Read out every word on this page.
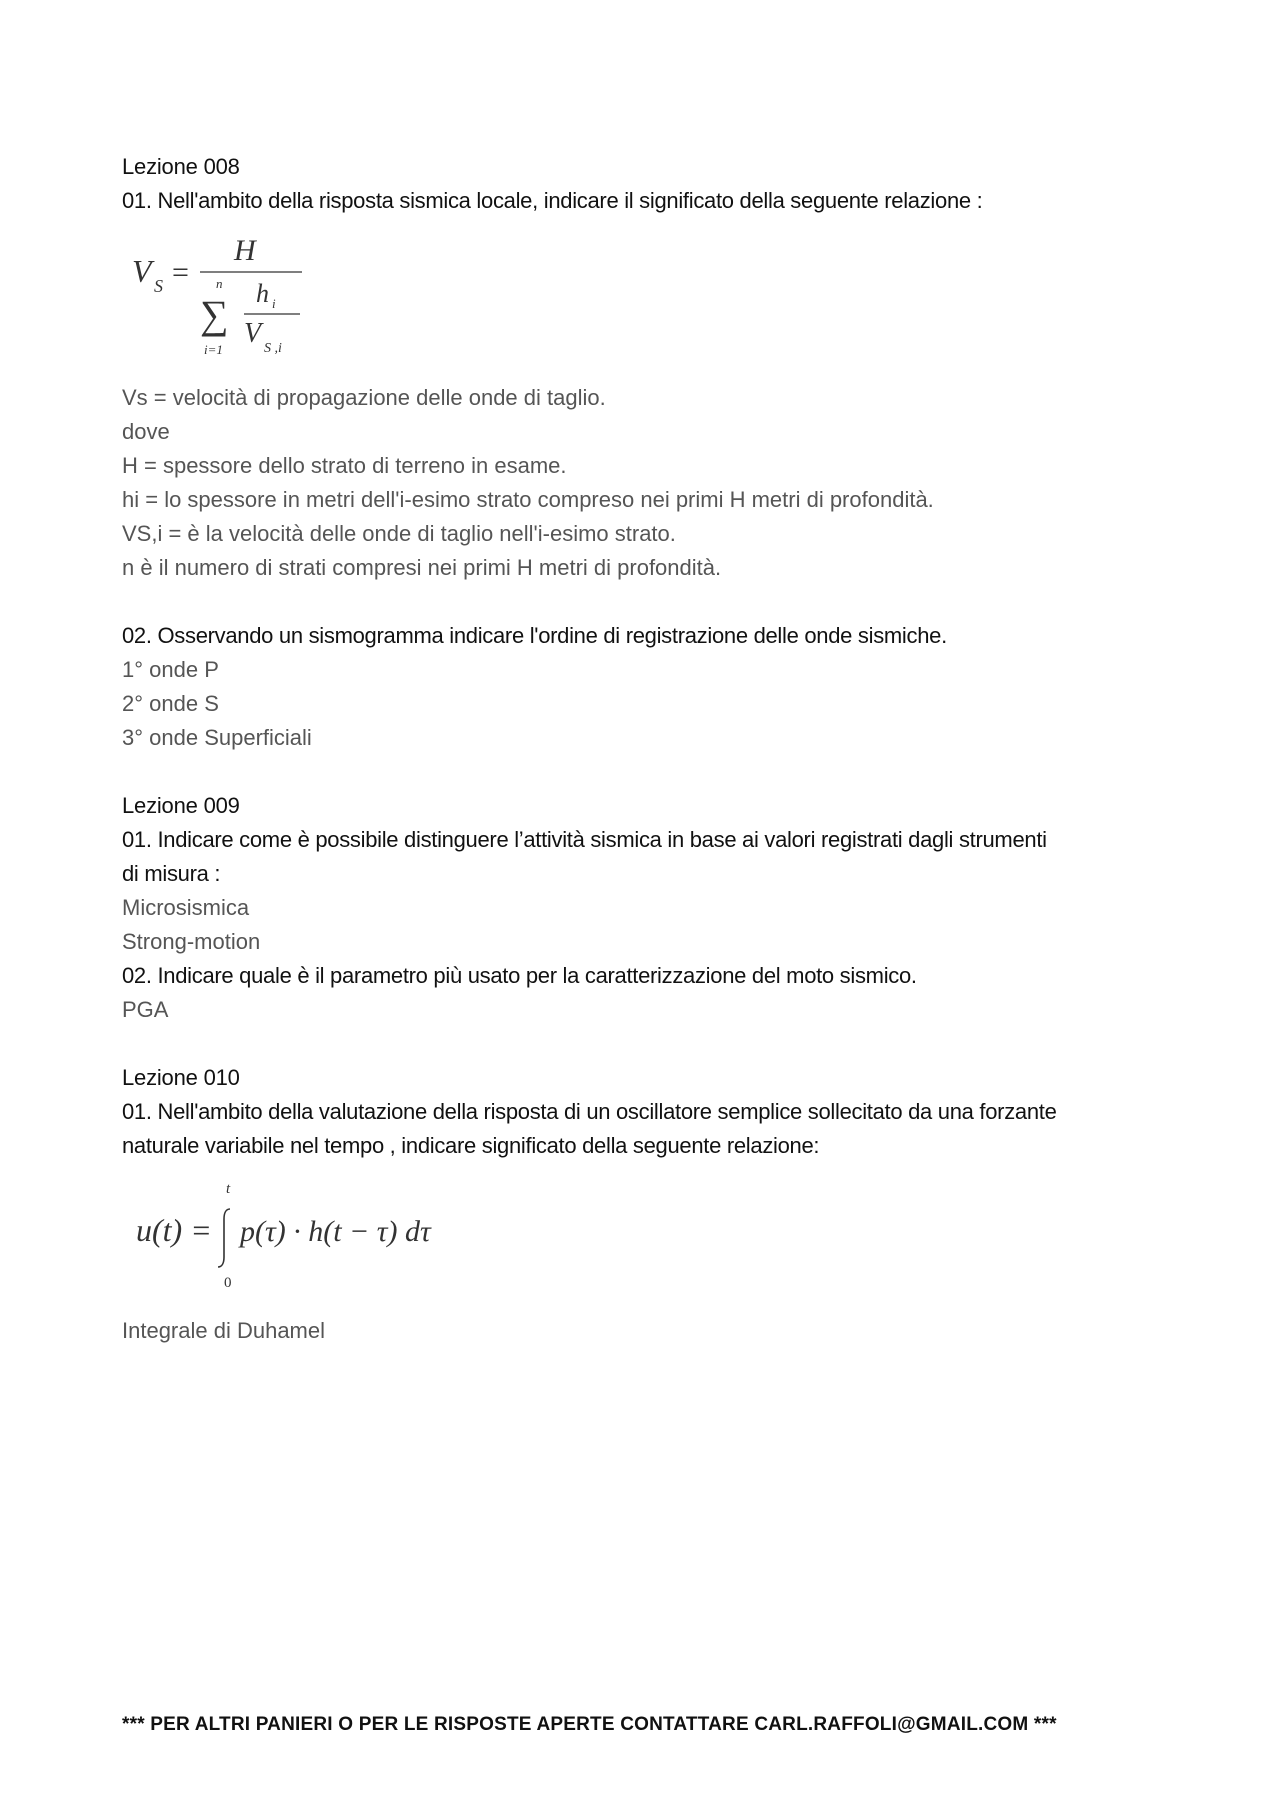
Lezione 008

01. Nell'ambito della risposta sismica locale, indicare il significato della seguente relazione :

V S =
H
n
∑
i=1
h i
V S ,i

Vs = velocità di propagazione delle onde di taglio.

dove

H = spessore dello strato di terreno in esame.

hi = lo spessore in metri dell'i-esimo strato compreso nei primi H metri di profondità.

VS,i = è la velocità delle onde di taglio nell'i-esimo strato.

n è il numero di strati compresi nei primi H metri di profondità.

02. Osservando un sismogramma indicare l'ordine di registrazione delle onde sismiche.

1° onde P

2° onde S

3° onde Superficiali

Lezione 009

01. Indicare come è possibile distinguere l’attività sismica in base ai valori registrati dagli strumenti

di misura :

Microsismica

Strong-motion

02. Indicare quale è il parametro più usato per la caratterizzazione del moto sismico.

PGA

Lezione 010

01. Nell'ambito della valutazione della risposta di un oscillatore semplice sollecitato da una forzante

naturale variabile nel tempo , indicare significato della seguente relazione:

u(t) =
t
0
p(τ) · h(t − τ) dτ

Integrale di Duhamel

*** PER ALTRI PANIERI O PER LE RISPOSTE APERTE CONTATTARE CARL.RAFFOLI@GMAIL.COM ***
